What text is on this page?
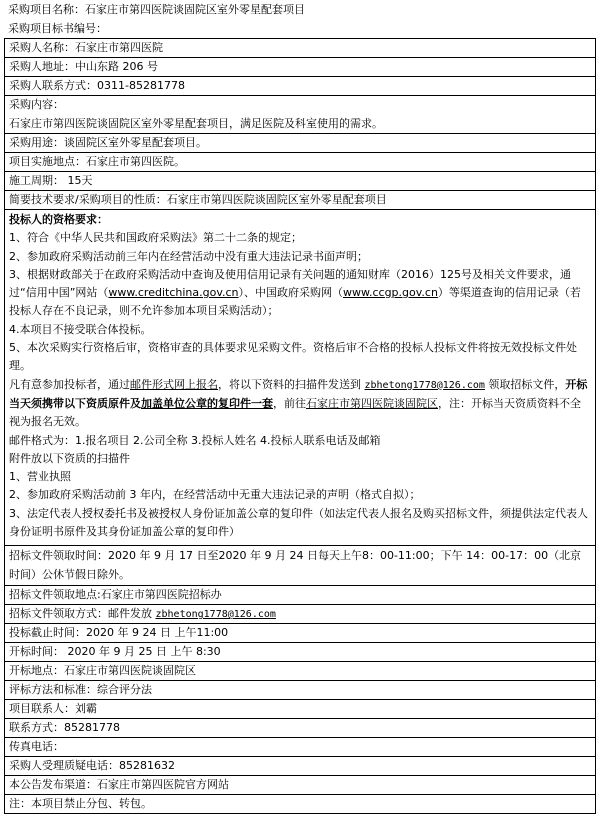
采购项目名称：石家庄市第四医院谈固院区室外零星配套项目
采购项目标书编号：
采购人名称：石家庄市第四医院
采购人地址：中山东路 206 号
采购人联系方式：0311-85281778
采购内容：
石家庄市第四医院谈固院区室外零星配套项目，满足医院及科室使用的需求。
采购用途：谈固院区室外零星配套项目。
项目实施地点：石家庄市第四医院。
施工周期： 15天
简要技术要求/采购项目的性质：石家庄市第四医院谈固院区室外零星配套项目
投标人的资格要求：
1、符合《中华人民共和国政府采购法》第二十二条的规定；
2、参加政府采购活动前三年内在经营活动中没有重大违法记录书面声明；
3、根据财政部关于在政府采购活动中查询及使用信用记录有关问题的通知财库（2016）125号及相关文件要求，通过“信用中国”网站（www.creditchina.gov.cn）、中国政府采购网（www.ccgp.gov.cn）等渠道查询的信用记录（若投标人存在不良记录，则不允许参加本项目采购活动）；
4.本项目不接受联合体投标。
5、本次采购实行资格后审，资格审查的具体要求见采购文件。资格后审不合格的投标人投标文件将按无效投标文件处理。
凡有意参加投标者，通过邮件形式网上报名，将以下资料的扫描件发送到 zbhetong1778@126.com 领取招标文件，开标当天须携带以下资质原件及加盖单位公章的复印件一套，前往石家庄市第四医院谈固院区，注：开标当天资质资料不全视为报名无效。
邮件格式为：1.报名项目 2.公司全称 3.投标人姓名 4.投标人联系电话及邮箱
附件放以下资质的扫描件
1、营业执照
2、参加政府采购活动前 3 年内，在经营活动中无重大违法记录的声明（格式自拟）；
3、法定代表人授权委托书及被授权人身份证加盖公章的复印件（如法定代表人报名及购买招标文件，须提供法定代表人身份证明书原件及其身份证加盖公章的复印件）
招标文件领取时间：2020 年 9 月 17 日至2020 年 9 月 24 日每天上午8：00-11:00；下午 14：00-17：00（北京时间）公休节假日除外。
招标文件领取地点:石家庄市第四医院招标办
招标文件领取方式：邮件发放 zbhetong1778@126.com
投标截止时间：2020 年 9 24 日 上午11:00
开标时间： 2020 年 9 月 25 日 上午 8:30
开标地点：石家庄市第四医院谈固院区
评标方法和标准：综合评分法
项目联系人：刘霸
联系方式：85281778
传真电话：
采购人受理质疑电话：85281632
本公告发布渠道：石家庄市第四医院官方网站
注：本项目禁止分包、转包。
